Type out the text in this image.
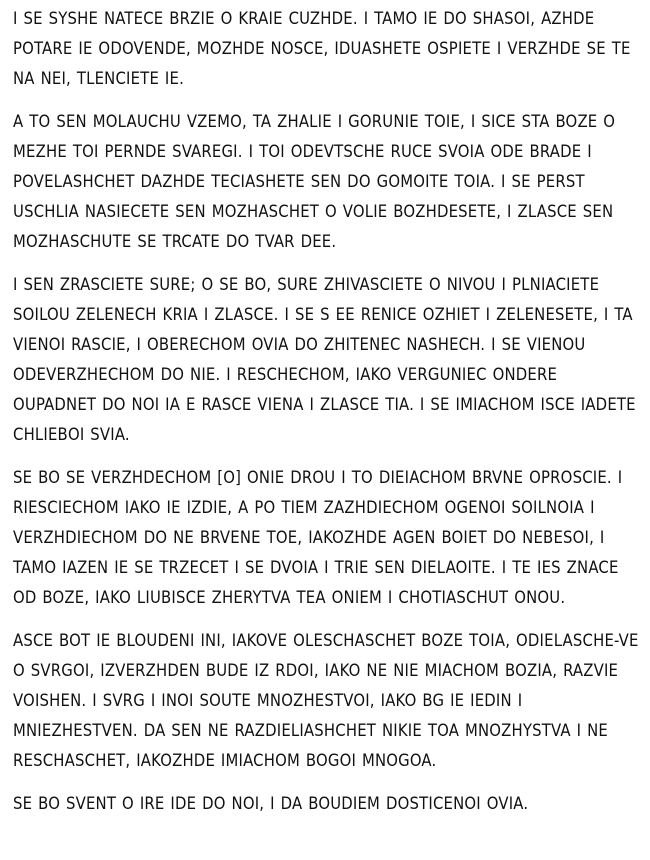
I SE SYSHE NATECE BRZIE O KRAIE CUZHDE. I TAMO IE DO SHASOI, AZHDE POTARE IE ODOVENDE, MOZHDE NOSCE, IDUASHETE OSPIETE I VERZHDE SE TE NA NEI, TLENCIETE IE.

A TO SEN MOLAUCHU VZEMO, TA ZHALIE I GORUNIE TOIE, I SICE STA BOZE O MEZHE TOI PERNDE SVAREGI. I TOI ODEVTSCHE RUCE SVOIA ODE BRADE I POVELASHCHET DAZHDE TECIASHETE SEN DO GOMOITE TOIA. I SE PERST USCHLIA NASIECETE SEN MOZHASCHET O VOLIE BOZHDESETE, I ZLASCE SEN MOZHASCHUTE SE TRCATE DO TVAR DEE.

I SEN ZRASCIETE SURE; O SE BO, SURE ZHIVASCIETE O NIVOU I PLNIACIETE SOILOU ZELENECH KRIA I ZLASCE. I SE S EE RENIСE OZHIET I ZELENESETE, I TA VIENOI RASCIE, I OBERECHOM OVIA DO ZHITENEC NASHECH. I SE VIENOU ODEVERZHECHOM DO NIE. I RESCHECHOM, IAKO VERGUNIEC ONDERE OUPADNET DO NOI IA E RASCE VIENA I ZLASCE TIA. I SE IMIACHOM ISCE IADETE CHLIEBОI SVIA.

SE BO SE VERZHDECHOM [O] ONIE DROU I TO DIEIACHOM BRVNE OPROSCIE. I RIESCIECHOM IAKO IE IZDIE, A PO TIEM ZAZHDIECHOM OGENOI SOILNOIA I VERZHDIECHOM DO NE BRVENE TOE, IAKOZHDE AGEN BOIET DO NEBESOI, I TAMO IAZEN IE SE TRZECET I SE DVOIA I TRIE SEN DIELAOITE. I TE IES ZNACE OD BOZE, IAKO LIUBISCE ZHERYTVA TEA ONIEM I CHOTIASCHUT ONOU.

ASCE BOT IE BLOUDENI INI, IAKOVE OLESCHASCHET BOZE TOIA, ODIELASCHE-VE O SVRGOI, IZVERZHDEN BUDE IZ RDOI, IAKO NE NIE MIACHOM BOZIA, RAZVIE VOISHEN. I SVRG I INOI SOUTE MNOZHESTVOI, IAKO BG IE IEDIN I MNIEZHESTVEN. DA SEN NE RAZDIELIASHCHET NIKIE TOA MNOZHYSTVA I NE RESCHASCHET, IAKOZHDE IMIACHOM BOGOI MNOGOA.

SE BO SVENT O IRE IDE DO NOI, I DA BOUDIEM DOSTIСENOI OVIA.
